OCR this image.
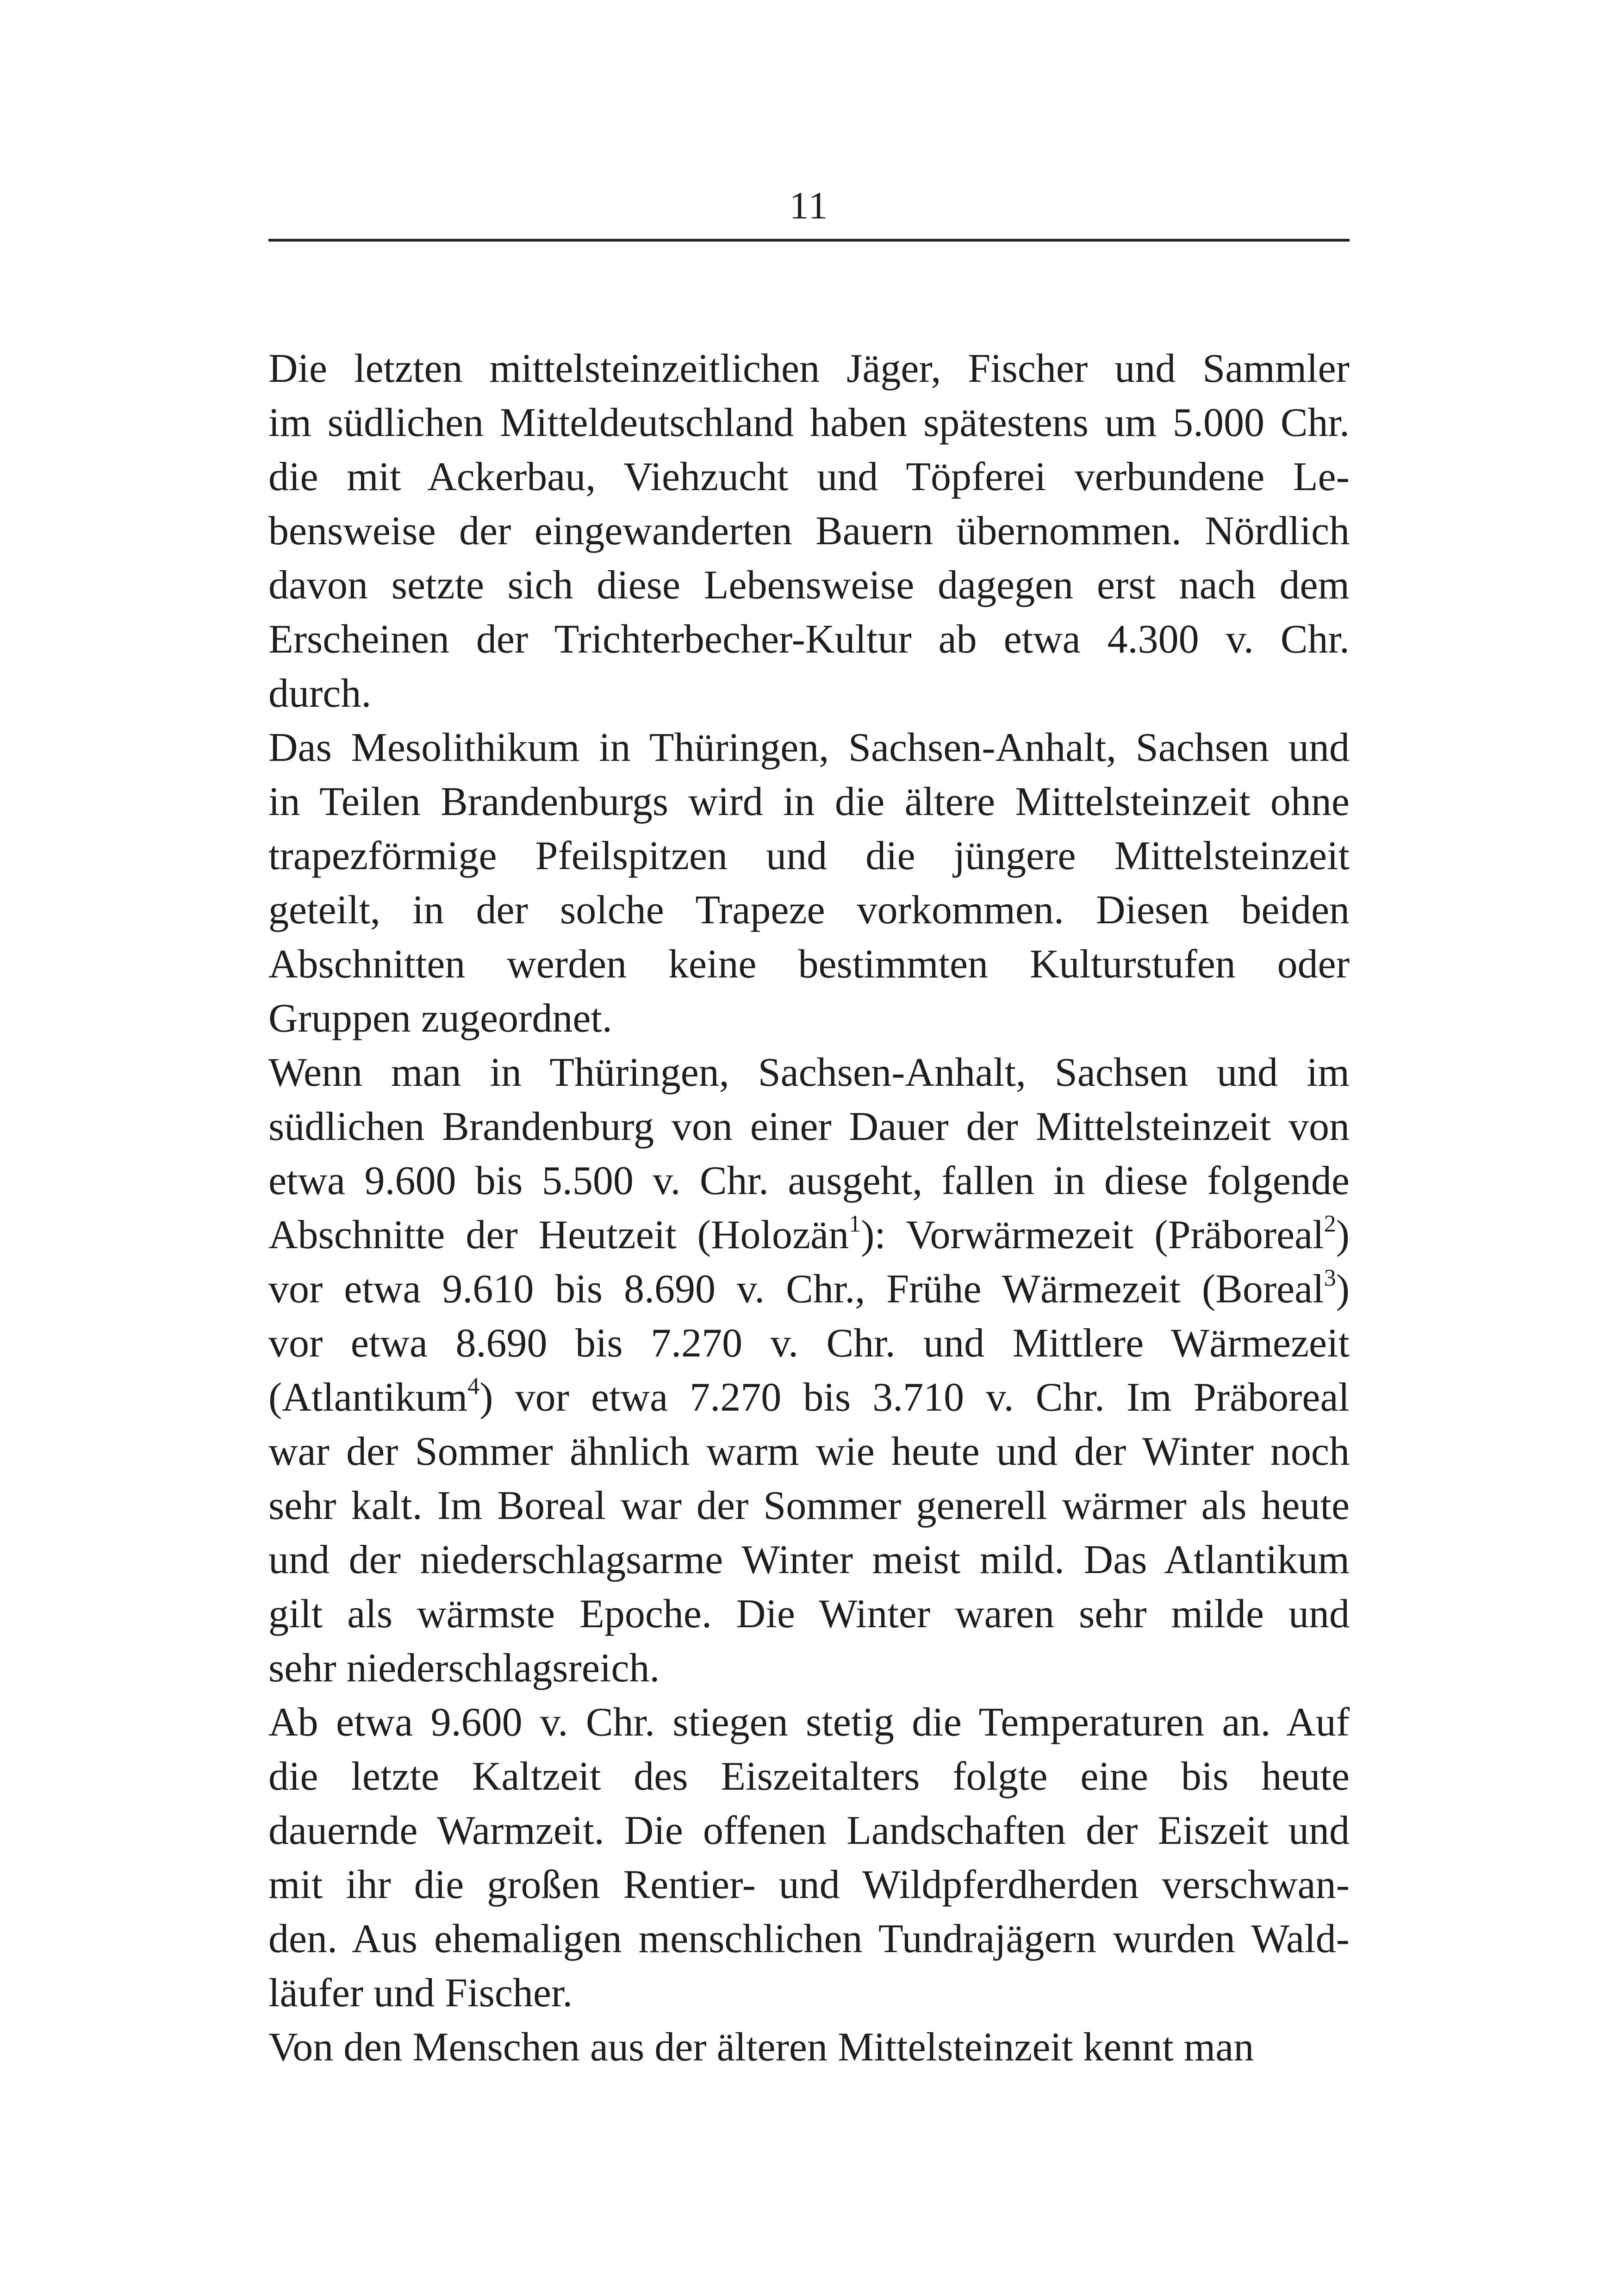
11
Die letzten mittelsteinzeitlichen Jäger, Fischer und Sammler
im südlichen Mitteldeutschland haben spätestens um 5.000 Chr.
die mit Ackerbau, Viehzucht und Töpferei verbundene Le-
bensweise der eingewanderten Bauern übernommen. Nördlich
davon setzte sich diese Lebensweise dagegen erst nach dem
Erscheinen der Trichterbecher-Kultur ab etwa 4.300 v. Chr.
durch.
Das Mesolithikum in Thüringen, Sachsen-Anhalt, Sachsen und
in Teilen Brandenburgs wird in die ältere Mittelsteinzeit ohne
trapezförmige Pfeilspitzen und die jüngere Mittelsteinzeit
geteilt, in der solche Trapeze vorkommen. Diesen beiden
Abschnitten werden keine bestimmten Kulturstufen oder
Gruppen zugeordnet.
Wenn man in Thüringen, Sachsen-Anhalt, Sachsen und im
südlichen Brandenburg von einer Dauer der Mittelsteinzeit von
etwa 9.600 bis 5.500 v. Chr. ausgeht, fallen in diese folgende
Abschnitte der Heutzeit (Holozän$^1$): Vorwärmezeit (Präboreal$^2$)
vor etwa 9.610 bis 8.690 v. Chr., Frühe Wärmezeit (Boreal$^3$)
vor etwa 8.690 bis 7.270 v. Chr. und Mittlere Wärmezeit
(Atlantikum$^4$) vor etwa 7.270 bis 3.710 v. Chr. Im Präboreal
war der Sommer ähnlich warm wie heute und der Winter noch
sehr kalt. Im Boreal war der Sommer generell wärmer als heute
und der niederschlagsarme Winter meist mild. Das Atlantikum
gilt als wärmste Epoche. Die Winter waren sehr milde und
sehr niederschlagsreich.
Ab etwa 9.600 v. Chr. stiegen stetig die Temperaturen an. Auf
die letzte Kaltzeit des Eiszeitalters folgte eine bis heute
dauernde Warmzeit. Die offenen Landschaften der Eiszeit und
mit ihr die großen Rentier- und Wildpferdherden verschwan-
den. Aus ehemaligen menschlichen Tundrajägern wurden Wald-
läufer und Fischer.
Von den Menschen aus der älteren Mittelsteinzeit kennt man
